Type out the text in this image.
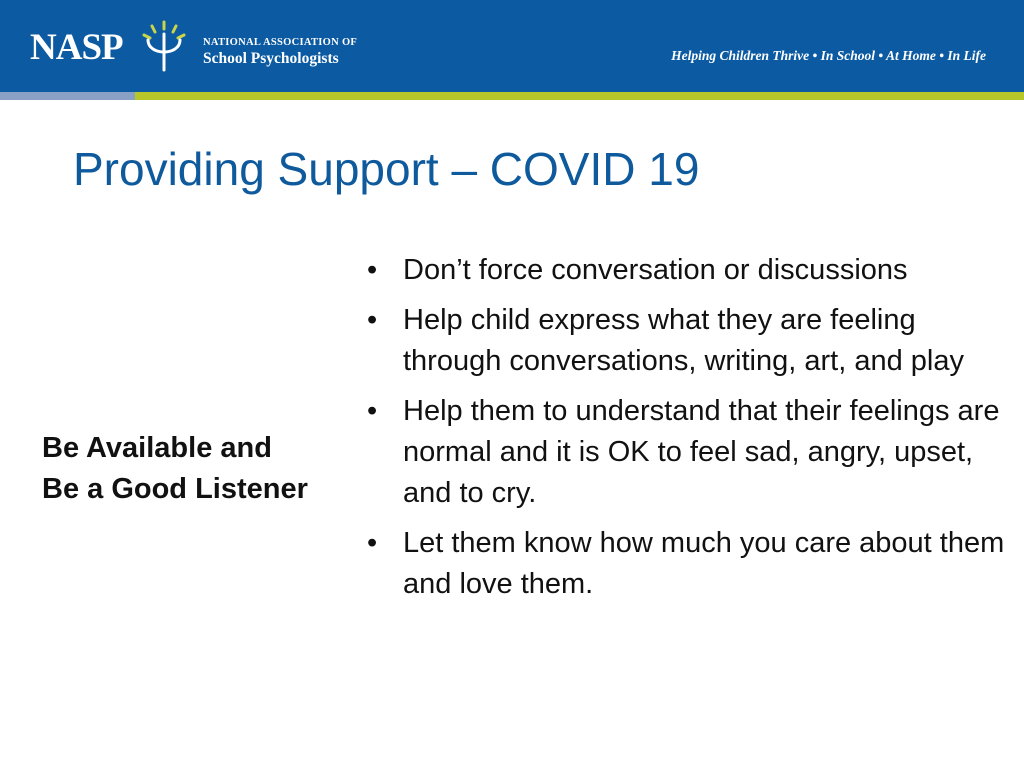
NASP	NATIONAL ASSOCIATION OF
School Psychologists	Helping Children Thrive • In School • At Home • In Life
Providing Support – COVID 19
Be Available and
Be a Good Listener
• Don’t force conversation or discussions
• Help child express what they are feeling through conversations, writing, art, and play
• Help them to understand that their feelings are normal and it is OK to feel sad, angry, upset, and to cry.
• Let them know how much you care about them and love them.
